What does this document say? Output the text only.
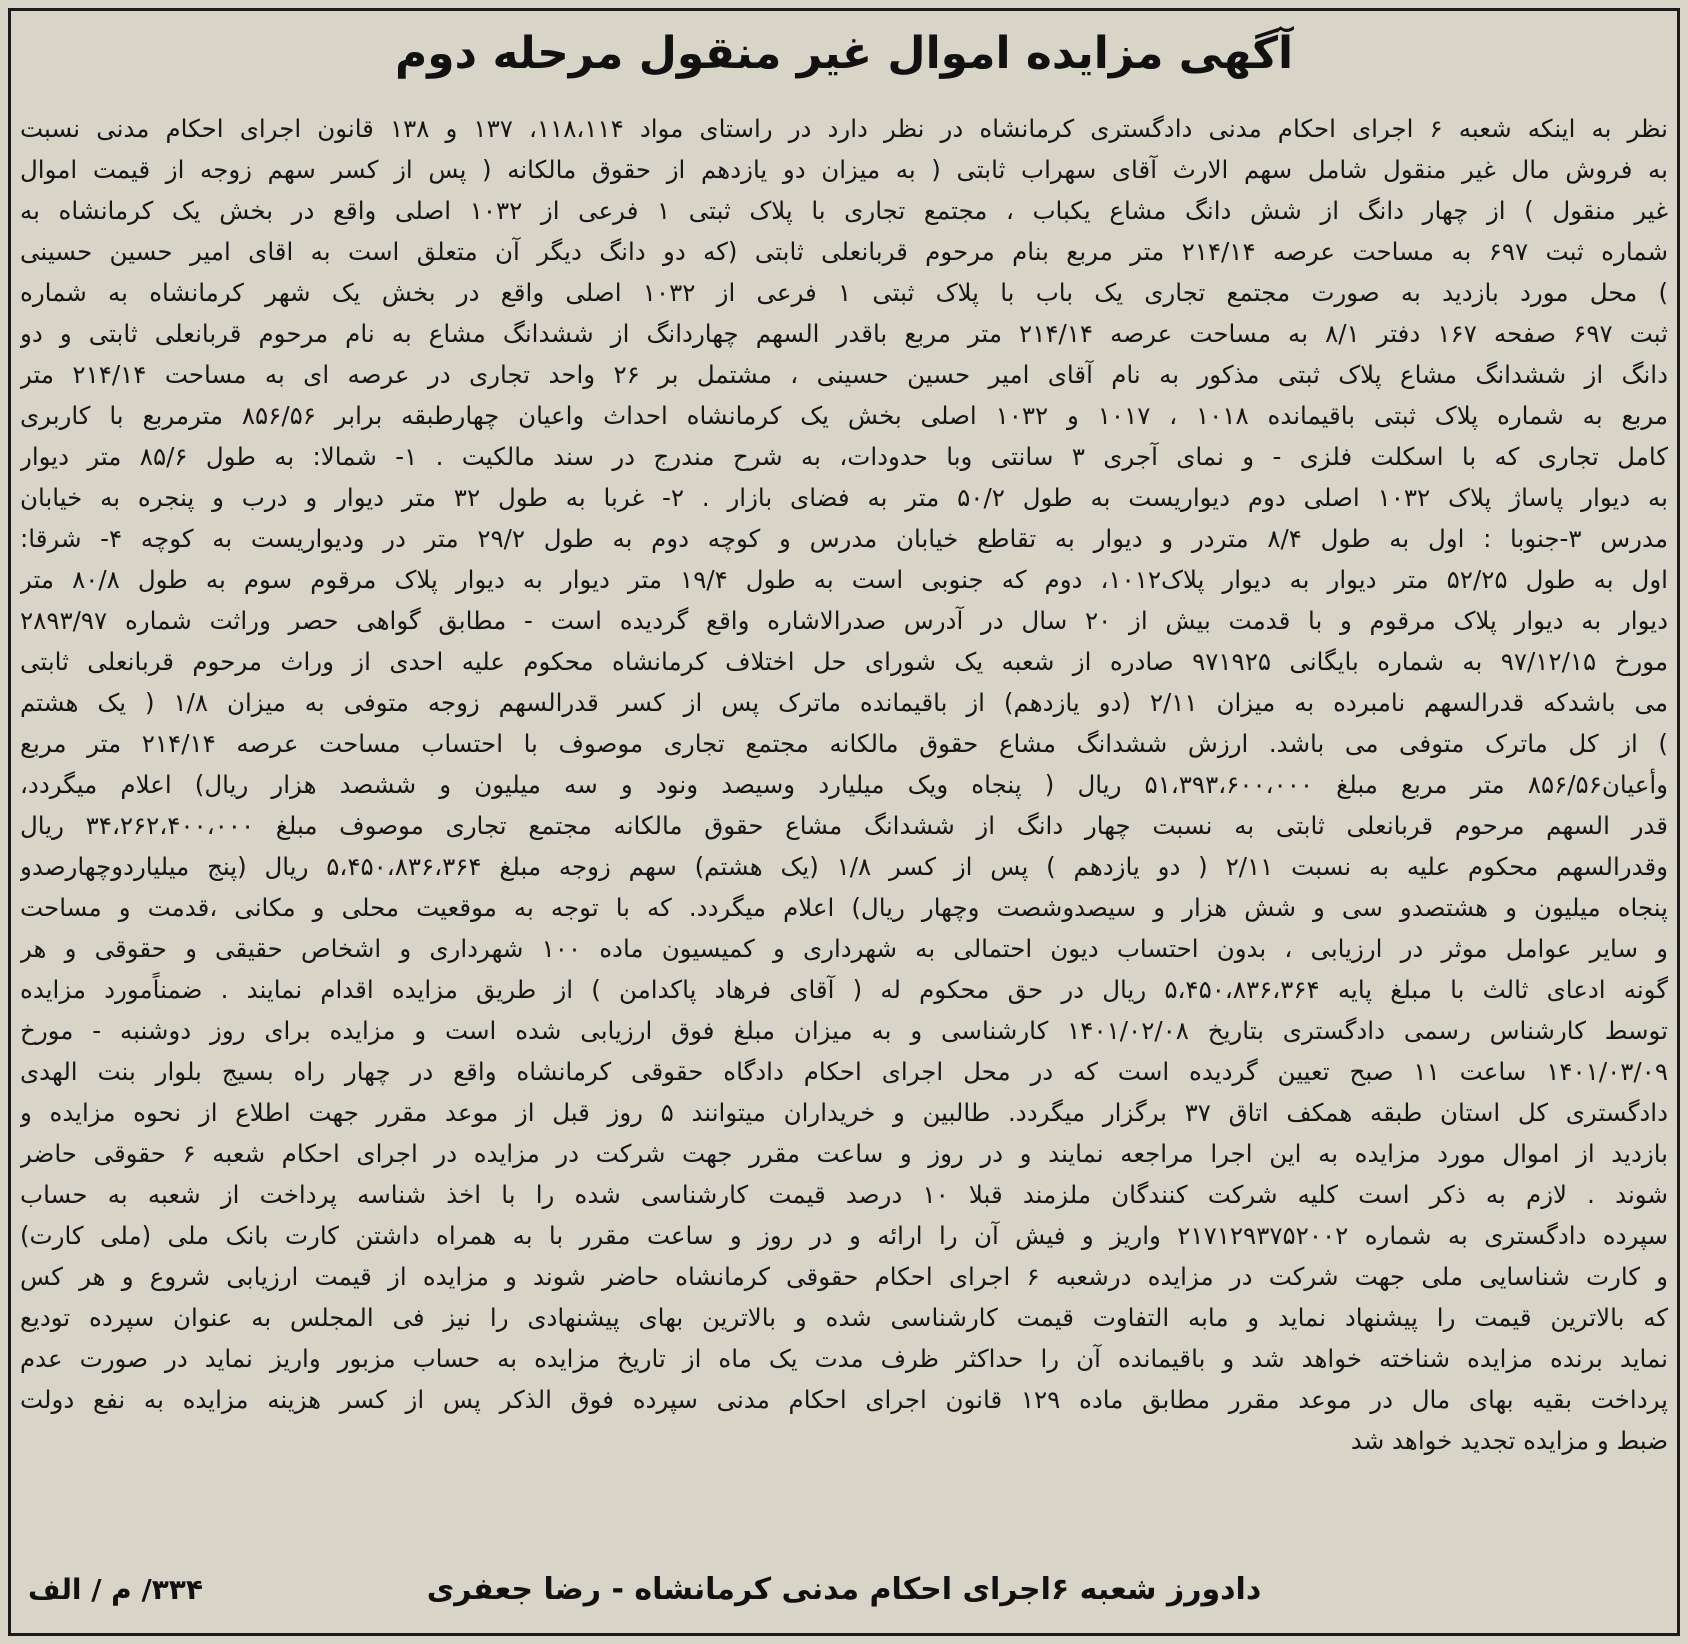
آگهی مزایده اموال غیر منقول مرحله دوم
نظر به اینکه شعبه ۶ اجرای احکام مدنی دادگستری کرمانشاه در نظر دارد در راستای مواد ۱۱۸،۱۱۴، ۱۳۷ و ۱۳۸ قانون اجرای احکام مدنی نسبت
به فروش مال غیر منقول شامل سهم الارث آقای سهراب ثابتی ( به میزان دو یازدهم از حقوق مالکانه ( پس از کسر سهم زوجه از قیمت اموال
غیر منقول ) از چهار دانگ از شش دانگ مشاع یکباب ، مجتمع تجاری با پلاک ثبتی ۱ فرعی از ۱۰۳۲ اصلی واقع در بخش یک کرمانشاه به
شماره ثبت ۶۹۷ به مساحت عرصه ۲۱۴/۱۴ متر مربع بنام مرحوم قربانعلی ثابتی (که دو دانگ دیگر آن متعلق است به اقای امیر حسین حسینی
) محل مورد بازدید به صورت مجتمع تجاری یک باب با پلاک ثبتی ۱ فرعی از ۱۰۳۲ اصلی واقع در بخش یک شهر کرمانشاه به شماره
ثبت ۶۹۷ صفحه ۱۶۷ دفتر ۸/۱ به مساحت عرصه ۲۱۴/۱۴ متر مربع باقدر السهم چهاردانگ از ششدانگ مشاع به نام مرحوم قربانعلی ثابتی و دو
دانگ از ششدانگ مشاع پلاک ثبتی مذکور به نام آقای امیر حسین حسینی ، مشتمل بر ۲۶ واحد تجاری در عرصه ای به مساحت ۲۱۴/۱۴ متر
مربع به شماره پلاک ثبتی باقیمانده ۱۰۱۸ ، ۱۰۱۷ و ۱۰۳۲ اصلی بخش یک کرمانشاه احداث واعیان چهارطبقه برابر ۸۵۶/۵۶ مترمربع با کاربری
کامل تجاری که با اسکلت فلزی - و نمای آجری ۳ سانتی وبا حدودات، به شرح مندرج در سند مالکیت . ۱- شمالا: به طول ۸۵/۶ متر دیوار
به دیوار پاساژ پلاک ۱۰۳۲ اصلی دوم دیواریست به طول ۵۰/۲ متر به فضای بازار . ۲- غربا به طول ۳۲ متر دیوار و درب و پنجره به خیابان
مدرس ۳-جنوبا : اول به طول ۸/۴ متردر و دیوار به تقاطع خیابان مدرس و کوچه دوم به طول ۲۹/۲ متر در ودیواریست به کوچه ۴- شرقا:
اول به طول ۵۲/۲۵ متر دیوار به دیوار پلاک۱۰۱۲، دوم که جنوبی است به طول ۱۹/۴ متر دیوار به دیوار پلاک مرقوم سوم به طول ۸۰/۸ متر
دیوار به دیوار پلاک مرقوم و با قدمت بیش از ۲۰ سال در آدرس صدرالاشاره واقع گردیده است - مطابق گواهی حصر وراثت شماره ۲۸۹۳/۹۷
مورخ ۹۷/۱۲/۱۵ به شماره بایگانی ۹۷۱۹۲۵ صادره از شعبه یک شورای حل اختلاف کرمانشاه محکوم علیه احدی از وراث مرحوم قربانعلی ثابتی
می باشدکه قدرالسهم نامبرده به میزان ۲/۱۱ (دو یازدهم) از باقیمانده ماترک پس از کسر قدرالسهم زوجه متوفی به میزان ۱/۸ ( یک هشتم
) از کل ماترک متوفی می باشد. ارزش ششدانگ مشاع حقوق مالکانه مجتمع تجاری موصوف با احتساب مساحت عرصه ۲۱۴/۱۴ متر مربع
وأعیان۸۵۶/۵۶ متر مربع مبلغ ۵۱،۳۹۳،۶۰۰،۰۰۰ ریال ( پنجاه ویک میلیارد وسیصد ونود و سه میلیون و ششصد هزار ریال) اعلام میگردد،
قدر السهم مرحوم قربانعلی ثابتی به نسبت چهار دانگ از ششدانگ مشاع حقوق مالکانه مجتمع تجاری موصوف مبلغ ۳۴،۲۶۲،۴۰۰،۰۰۰ ریال
وقدرالسهم محکوم علیه به نسبت ۲/۱۱ ( دو یازدهم ) پس از کسر ۱/۸ (یک هشتم) سهم زوجه مبلغ ۵،۴۵۰،۸۳۶،۳۶۴ ریال (پنج میلیاردوچهارصدو
پنجاه میلیون و هشتصدو سی و شش هزار و سیصدوشصت وچهار ریال) اعلام میگردد. که با توجه به موقعیت محلی و مکانی ،قدمت و مساحت
و سایر عوامل موثر در ارزیابی ، بدون احتساب دیون احتمالی به شهرداری و کمیسیون ماده ۱۰۰ شهرداری و اشخاص حقیقی و حقوقی و هر
گونه ادعای ثالث با مبلغ پایه ۵،۴۵۰،۸۳۶،۳۶۴ ریال در حق محکوم له ( آقای فرهاد پاکدامن ) از طریق مزایده اقدام نمایند . ضمناًمورد مزایده
توسط کارشناس رسمی دادگستری بتاریخ ۱۴۰۱/۰۲/۰۸ کارشناسی و به میزان مبلغ فوق ارزیابی شده است و مزایده برای روز دوشنبه - مورخ
۱۴۰۱/۰۳/۰۹ ساعت ۱۱ صبح تعیین گردیده است که در محل اجرای احکام دادگاه حقوقی کرمانشاه واقع در چهار راه بسیج بلوار بنت الهدی
دادگستری کل استان طبقه همکف اتاق ۳۷ برگزار میگردد. طالبین و خریداران میتوانند ۵ روز قبل از موعد مقرر جهت اطلاع از نحوه مزایده و
بازدید از اموال مورد مزایده به این اجرا مراجعه نمایند و در روز و ساعت مقرر جهت شرکت در مزایده در اجرای احکام شعبه ۶ حقوقی حاضر
شوند . لازم به ذکر است کلیه شرکت کنندگان ملزمند قبلا ۱۰ درصد قیمت کارشناسی شده را با اخذ شناسه پرداخت از شعبه به حساب
سپرده دادگستری به شماره ۲۱۷۱۲۹۳۷۵۲۰۰۲ واریز و فیش آن را ارائه و در روز و ساعت مقرر با به همراه داشتن کارت بانک ملی (ملی کارت)
و کارت شناسایی ملی جهت شرکت در مزایده درشعبه ۶ اجرای احکام حقوقی کرمانشاه حاضر شوند و مزایده از قیمت ارزیابی شروع و هر کس
که بالاترین قیمت را پیشنهاد نماید و مابه التفاوت قیمت کارشناسی شده و بالاترین بهای پیشنهادی را نیز فی المجلس به عنوان سپرده تودیع
نماید برنده مزایده شناخته خواهد شد و باقیمانده آن را حداکثر ظرف مدت یک ماه از تاریخ مزایده به حساب مزبور واریز نماید در صورت عدم
پرداخت بقیه بهای مال در موعد مقرر مطابق ماده ۱۲۹ قانون اجرای احکام مدنی سپرده فوق الذکر پس از کسر هزینه مزایده به نفع دولت
ضبط و مزایده تجدید خواهد شد
دادورز شعبه ۶اجرای احکام مدنی کرمانشاه - رضا جعفری
۳۳۴/ م / الف
